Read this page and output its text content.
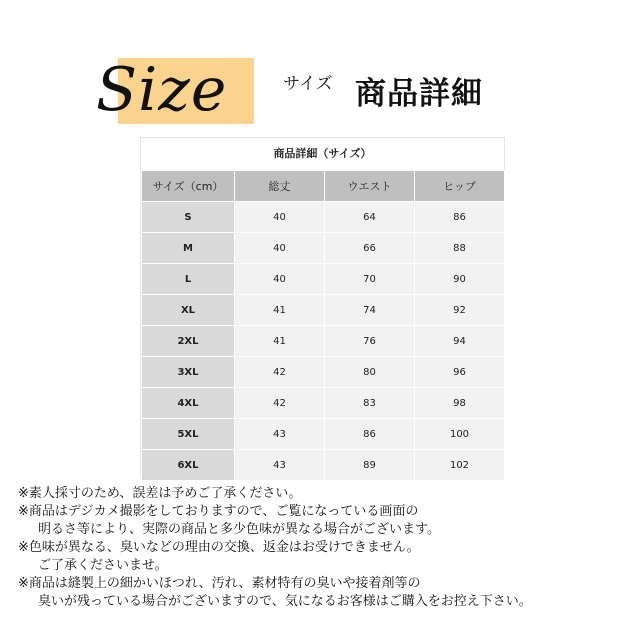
Size	サイズ 商品詳細
商品詳細（サイズ）
サイズ（cm）	総丈	ウエスト	ヒップ
S	40	64	86
M	40	66	88
L	40	70	90
XL	41	74	92
2XL	41	76	94
3XL	42	80	96
4XL	42	83	98
5XL	43	86	100
6XL	43	89	102

※素人採寸のため、誤差は予めご了承ください。

※商品はデジカメ撮影をしておりますので、ご覧になっている画面の

明るさ等により、実際の商品と多少色味が異なる場合がございます。

※色味が異なる、臭いなどの理由の交換、返金はお受けできません。

ご了承くださいませ。

※商品は縫製上の細かいほつれ、汚れ、素材特有の臭いや接着剤等の

臭いが残っている場合がございますので、気になるお客様はご購入をお控え下さい。
